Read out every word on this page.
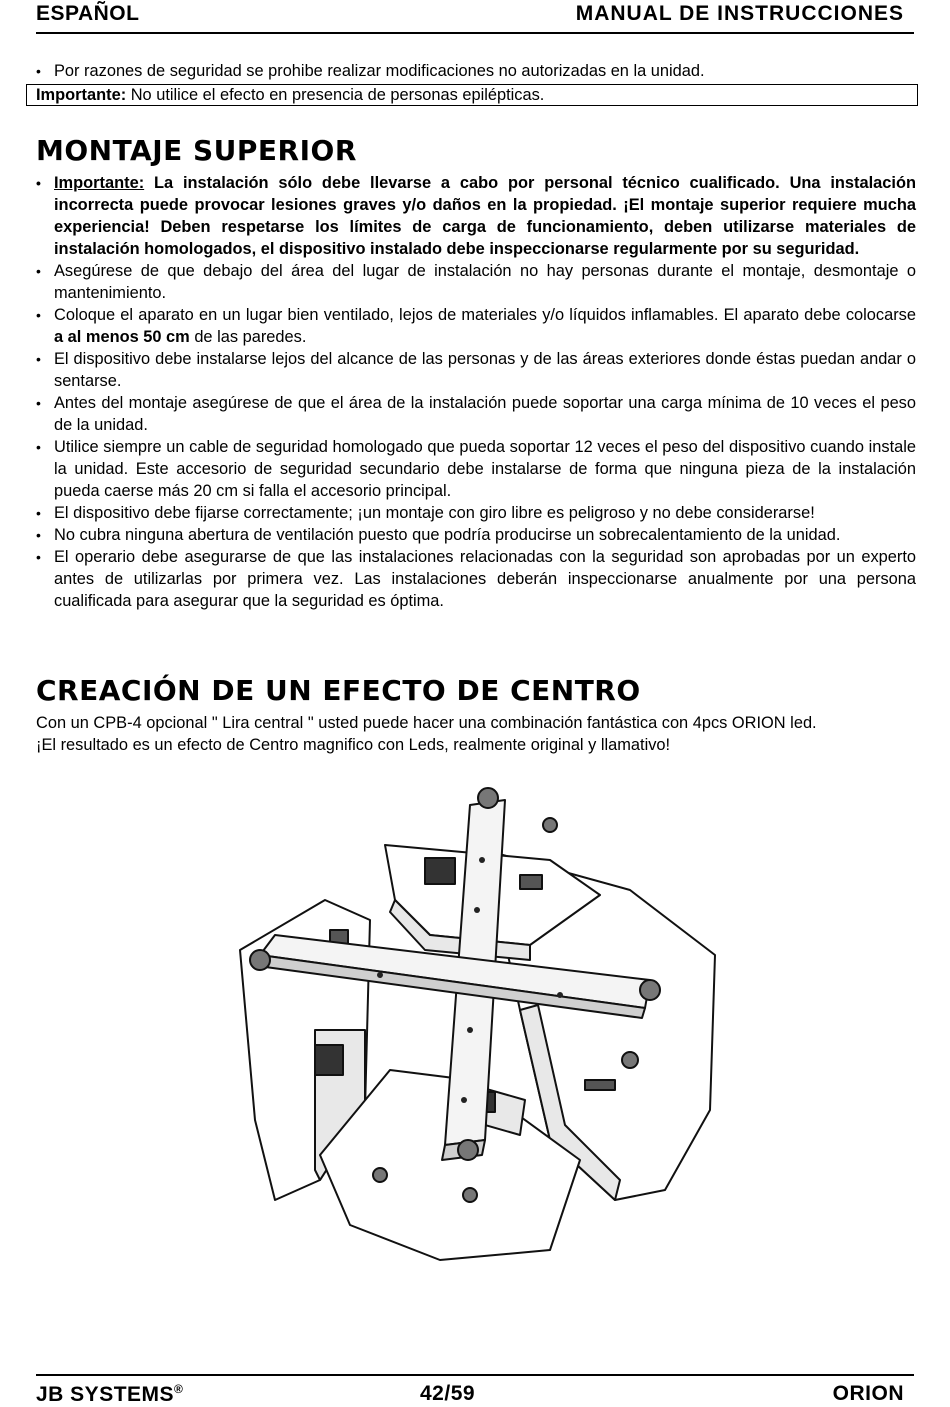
ESPAÑOL	MANUAL DE INSTRUCCIONES
• Por razones de seguridad se prohibe realizar modificaciones no autorizadas en la unidad.
Importante: No utilice el efecto en presencia de personas epilépticas.
MONTAJE SUPERIOR
• Importante: La instalación sólo debe llevarse a cabo por personal técnico cualificado. Una instalación incorrecta puede provocar lesiones graves y/o daños en la propiedad. ¡El montaje superior requiere mucha experiencia! Deben respetarse los límites de carga de funcionamiento, deben utilizarse materiales de instalación homologados, el dispositivo instalado debe inspeccionarse regularmente por su seguridad.
• Asegúrese de que debajo del área del lugar de instalación no hay personas durante el montaje, desmontaje o mantenimiento.
• Coloque el aparato en un lugar bien ventilado, lejos de materiales y/o líquidos inflamables. El aparato debe colocarse a al menos 50 cm de las paredes.
• El dispositivo debe instalarse lejos del alcance de las personas y de las áreas exteriores donde éstas puedan andar o sentarse.
• Antes del montaje asegúrese de que el área de la instalación puede soportar una carga mínima de 10 veces el peso de la unidad.
• Utilice siempre un cable de seguridad homologado que pueda soportar 12 veces el peso del dispositivo cuando instale la unidad. Este accesorio de seguridad secundario debe instalarse de forma que ninguna pieza de la instalación pueda caerse más 20 cm si falla el accesorio principal.
• El dispositivo debe fijarse correctamente; ¡un montaje con giro libre es peligroso y no debe considerarse!
• No cubra ninguna abertura de ventilación puesto que podría producirse un sobrecalentamiento de la unidad.
• El operario debe asegurarse de que las instalaciones relacionadas con la seguridad son aprobadas por un experto antes de utilizarlas por primera vez. Las instalaciones deberán inspeccionarse anualmente por una persona cualificada para asegurar que la seguridad es óptima.
CREACIÓN DE UN EFECTO DE CENTRO
Con un CPB-4 opcional " Lira central " usted puede hacer una combinación fantástica con 4pcs ORION led.
¡El resultado es un efecto de Centro magnifico con Leds, realmente original y llamativo!
JB SYSTEMS®	42/59	ORION
